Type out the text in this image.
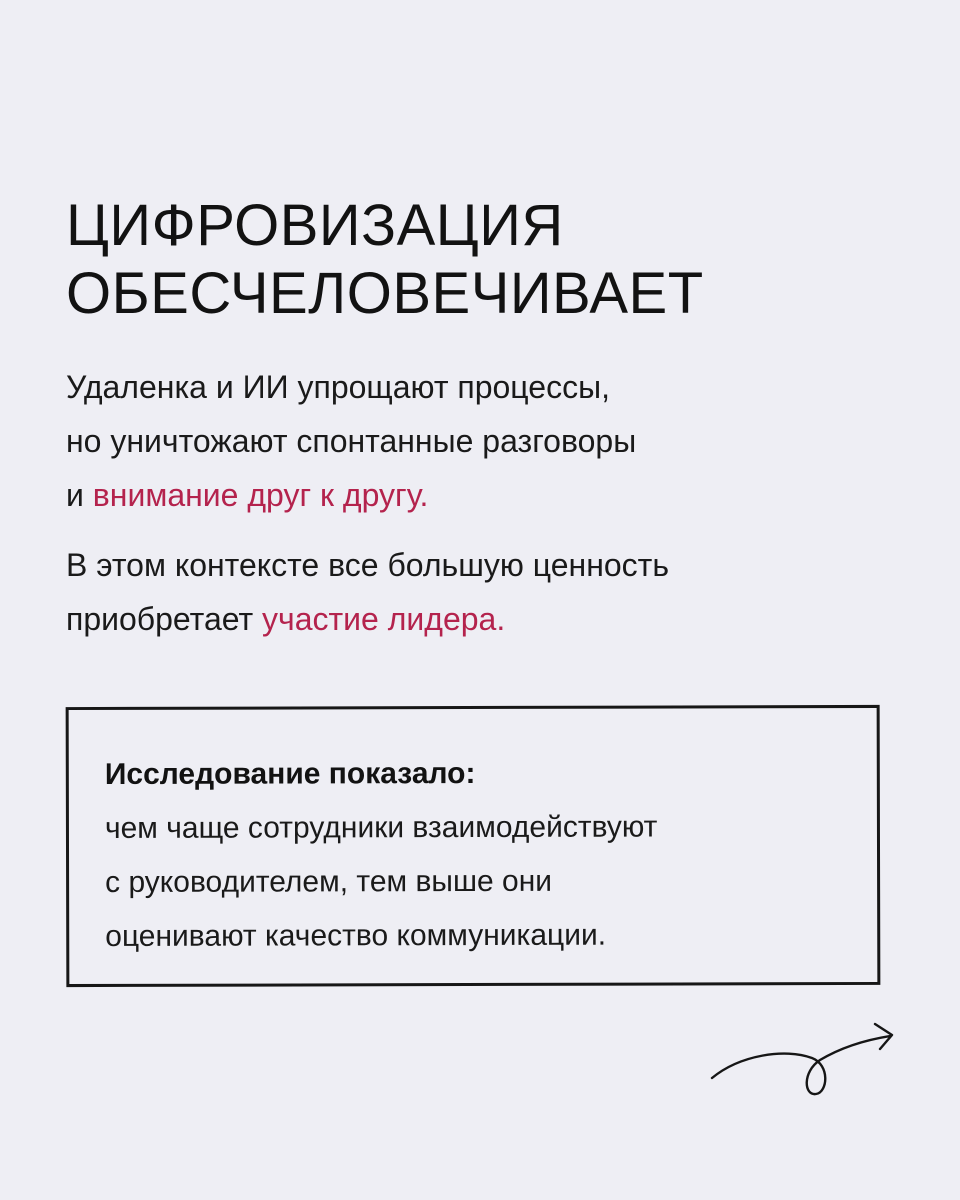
ЦИФРОВИЗАЦИЯ
ОБЕСЧЕЛОВЕЧИВАЕТ

Удаленка и ИИ упрощают процессы,
но уничтожают спонтанные разговоры
и внимание друг к другу.

В этом контексте все большую ценность
приобретает участие лидера.

Исследование показало:
чем чаще сотрудники взаимодействуют
с руководителем, тем выше они
оценивают качество коммуникации.
